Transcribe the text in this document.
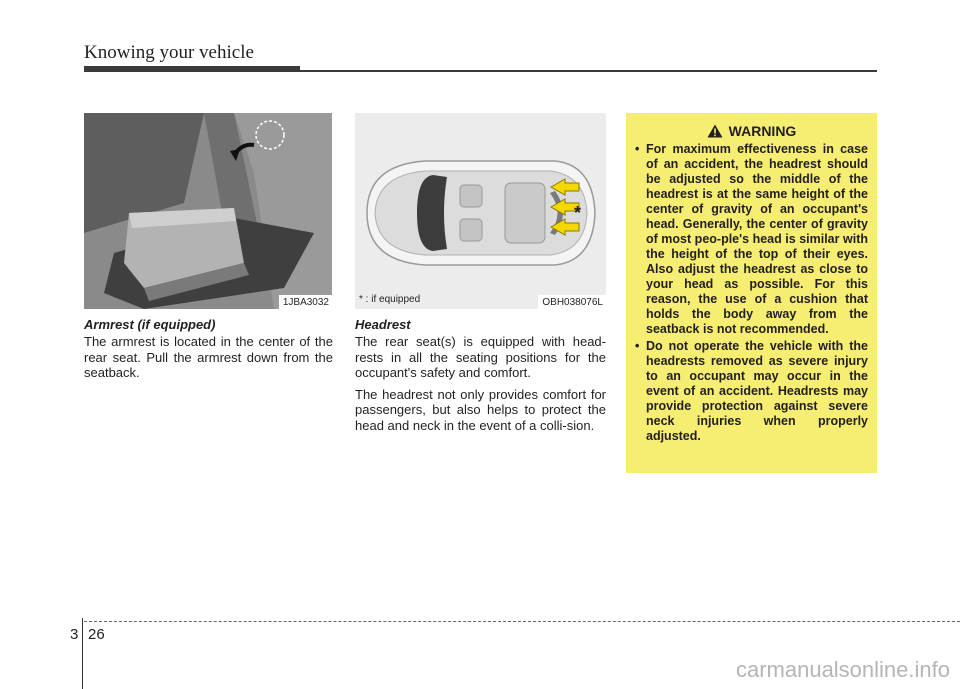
Knowing your vehicle
1JBA3032
*
* : if equipped	OBH038076L
Armrest (if equipped)

The armrest is located in the center of the rear seat. Pull the armrest down from the seatback.

Headrest

The rear seat(s) is equipped with head-rests in all the seating positions for the occupant's safety and comfort.

The headrest not only provides comfort for passengers, but also helps to protect the head and neck in the event of a colli-sion.

WARNING
• For maximum effectiveness in case of an accident, the headrest should be adjusted so the middle of the headrest is at the same height of the center of gravity of an occupant's head. Generally, the center of gravity of most peo-ple's head is similar with the height of the top of their eyes. Also adjust the headrest as close to your head as possible. For this reason, the use of a cushion that holds the body away from the seatback is not recommended.
• Do not operate the vehicle with the headrests removed as severe injury to an occupant may occur in the event of an accident. Headrests may provide protection against severe neck injuries when properly adjusted.
3 26
carmanualsonline.info
